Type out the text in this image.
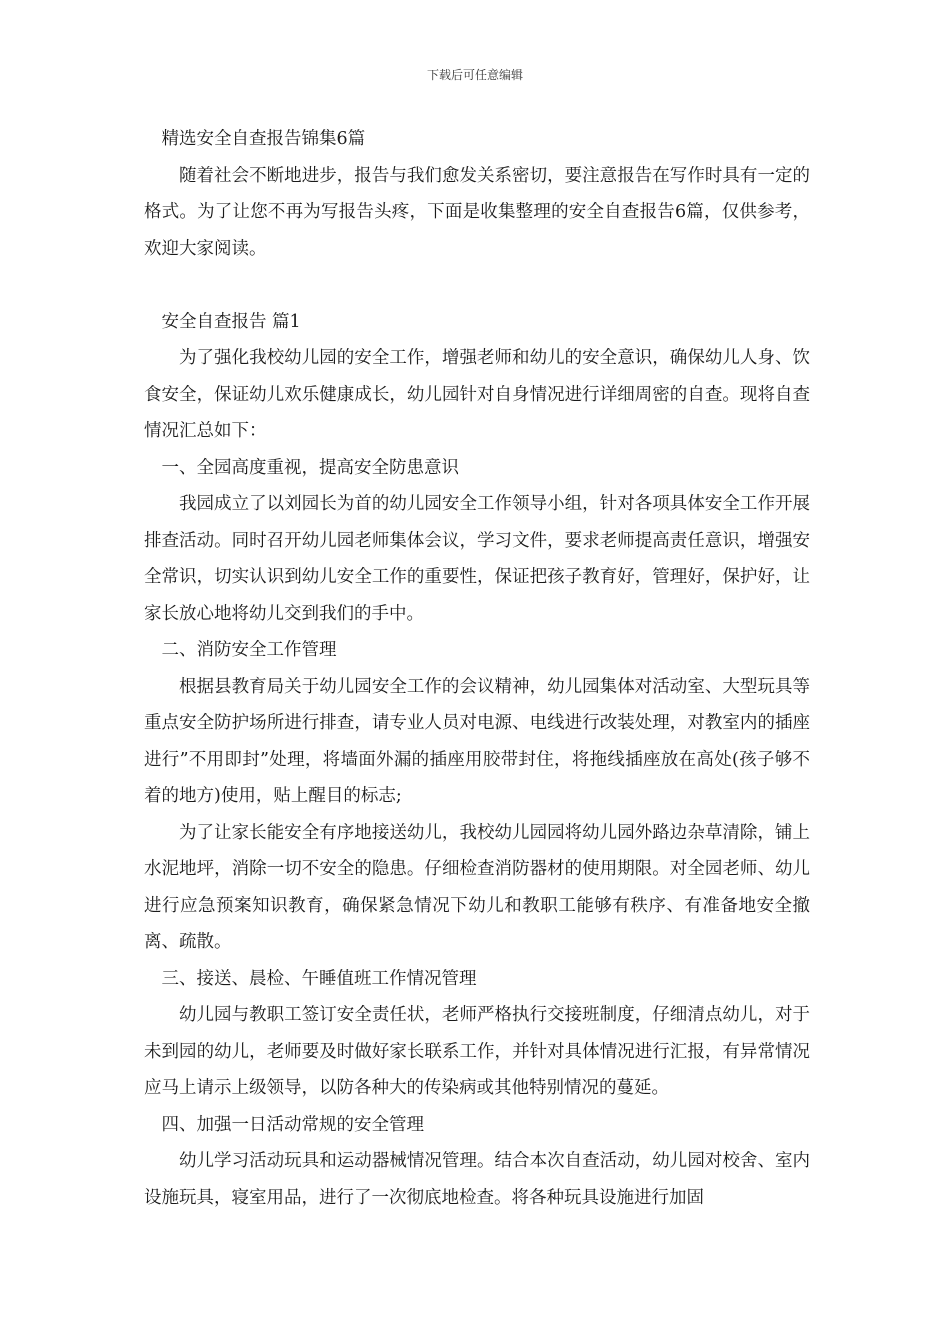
下载后可任意编辑

精选安全自查报告锦集6篇

随着社会不断地进步，报告与我们愈发关系密切，要注意报告在写作时具有一定的格式。为了让您不再为写报告头疼，下面是收集整理的安全自查报告6篇，仅供参考，欢迎大家阅读。

安全自查报告 篇1

为了强化我校幼儿园的安全工作，增强老师和幼儿的安全意识，确保幼儿人身、饮食安全，保证幼儿欢乐健康成长，幼儿园针对自身情况进行详细周密的自查。现将自查情况汇总如下：

一、全园高度重视，提高安全防患意识

我园成立了以刘园长为首的幼儿园安全工作领导小组，针对各项具体安全工作开展排查活动。同时召开幼儿园老师集体会议，学习文件，要求老师提高责任意识，增强安全常识，切实认识到幼儿安全工作的重要性，保证把孩子教育好，管理好，保护好，让家长放心地将幼儿交到我们的手中。

二、消防安全工作管理

根据县教育局关于幼儿园安全工作的会议精神，幼儿园集体对活动室、大型玩具等重点安全防护场所进行排查，请专业人员对电源、电线进行改装处理，对教室内的插座进行”不用即封”处理，将墙面外漏的插座用胶带封住，将拖线插座放在高处(孩子够不着的地方)使用，贴上醒目的标志;

为了让家长能安全有序地接送幼儿，我校幼儿园园将幼儿园外路边杂草清除，铺上水泥地坪，消除一切不安全的隐患。仔细检查消防器材的使用期限。对全园老师、幼儿进行应急预案知识教育，确保紧急情况下幼儿和教职工能够有秩序、有准备地安全撤离、疏散。

三、接送、晨检、午睡值班工作情况管理

幼儿园与教职工签订安全责任状，老师严格执行交接班制度，仔细清点幼儿，对于未到园的幼儿，老师要及时做好家长联系工作，并针对具体情况进行汇报，有异常情况应马上请示上级领导，以防各种大的传染病或其他特别情况的蔓延。

四、加强一日活动常规的安全管理

幼儿学习活动玩具和运动器械情况管理。结合本次自查活动，幼儿园对校舍、室内设施玩具，寝室用品，进行了一次彻底地检查。将各种玩具设施进行加固
